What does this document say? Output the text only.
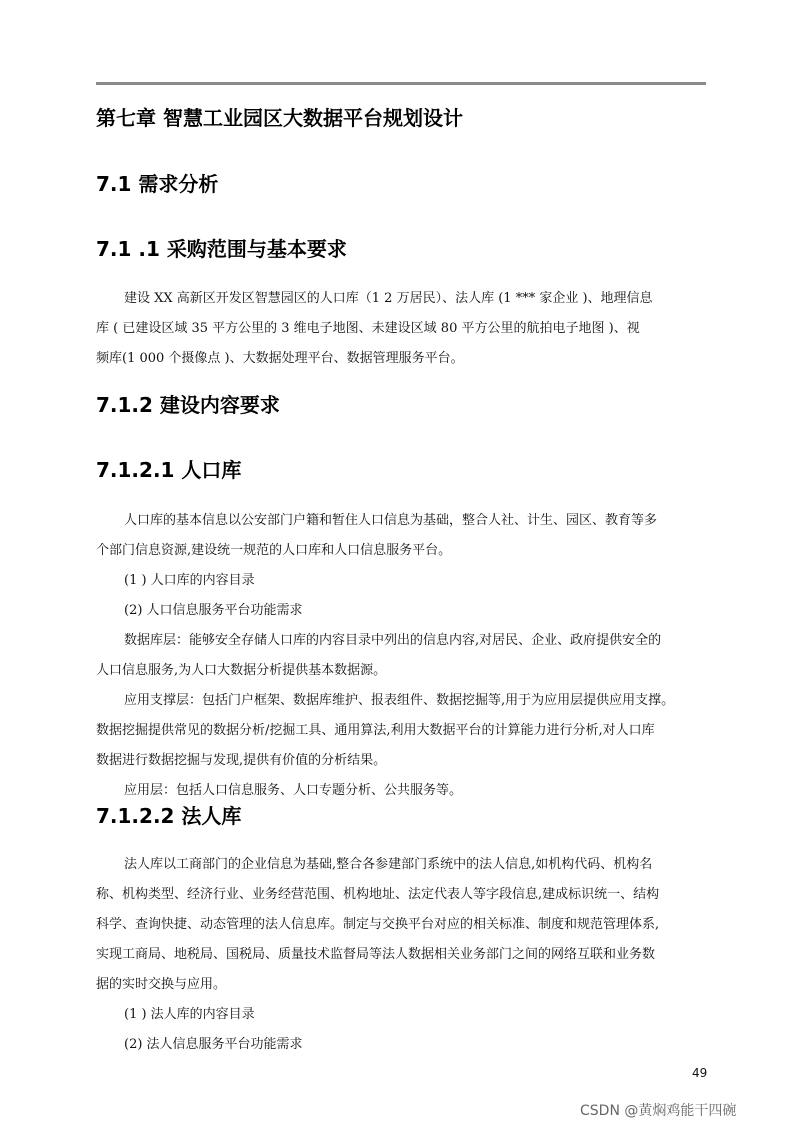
第七章 智慧工业园区大数据平台规划设计
7.1 需求分析
7.1 .1 采购范围与基本要求
建设 XX 高新区开发区智慧园区的人口库（1 2 万居民）、法人库 (1 *** 家企业 )、地理信息
库 ( 已建设区域 35 平方公里的 3 维电子地图、未建设区域 80 平方公里的航拍电子地图 )、视
频库(1 000 个摄像点 )、大数据处理平台、数据管理服务平台。
7.1.2 建设内容要求
7.1.2.1 人口库
人口库的基本信息以公安部门户籍和暂住人口信息为基础，整合人社、计生、园区、教育等多
个部门信息资源,建设统一规范的人口库和人口信息服务平台。
(1 ) 人口库的内容目录
(2) 人口信息服务平台功能需求
数据库层：能够安全存储人口库的内容目录中列出的信息内容,对居民、企业、政府提供安全的
人口信息服务,为人口大数据分析提供基本数据源。
应用支撑层：包括门户框架、数据库维护、报表组件、数据挖掘等,用于为应用层提供应用支撑。
数据挖掘提供常见的数据分析/挖掘工具、通用算法,利用大数据平台的计算能力进行分析,对人口库
数据进行数据挖掘与发现,提供有价值的分析结果。
应用层：包括人口信息服务、人口专题分析、公共服务等。
7.1.2.2 法人库
法人库以工商部门的企业信息为基础,整合各参建部门系统中的法人信息,如机构代码、机构名
称、机构类型、经济行业、业务经营范围、机构地址、法定代表人等字段信息,建成标识统一、结构
科学、查询快捷、动态管理的法人信息库。制定与交换平台对应的相关标准、制度和规范管理体系,
实现工商局、地税局、国税局、质量技术监督局等法人数据相关业务部门之间的网络互联和业务数
据的实时交换与应用。
(1 ) 法人库的内容目录
(2) 法人信息服务平台功能需求
49
CSDN @黄焖鸡能干四碗
